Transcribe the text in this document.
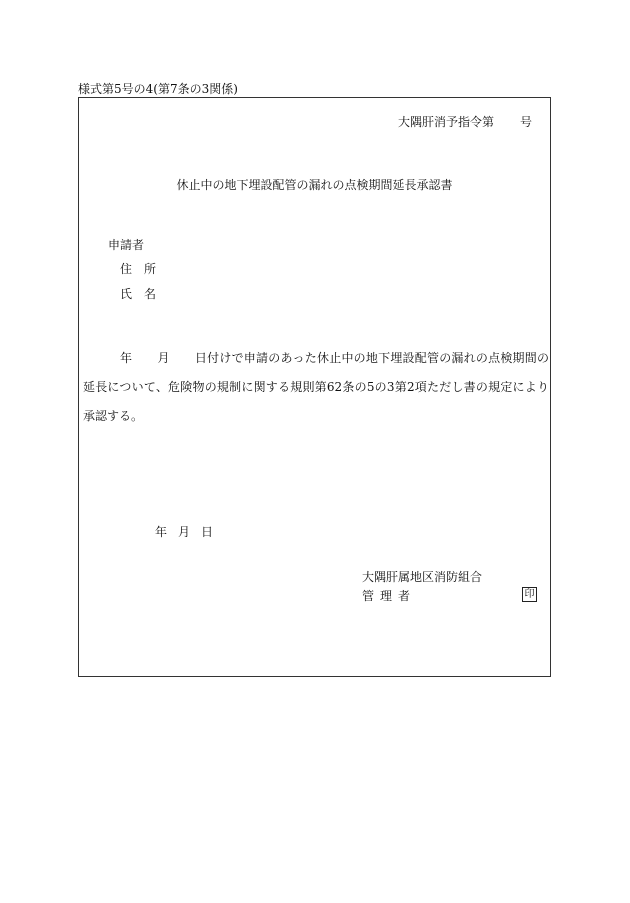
様式第5号の4(第7条の3関係)
大隅肝消予指令第 号
休止中の地下埋設配管の漏れの点検期間延長承認書
申請者
住　所
氏　名
年 月 日付けで申請のあった休止中の地下埋設配管の漏れの点検期間の延長について、危険物の規制に関する規則第62条の5の3第2項ただし書の規定により承認する。
年 月 日
大隅肝属地区消防組合
管理者	印
